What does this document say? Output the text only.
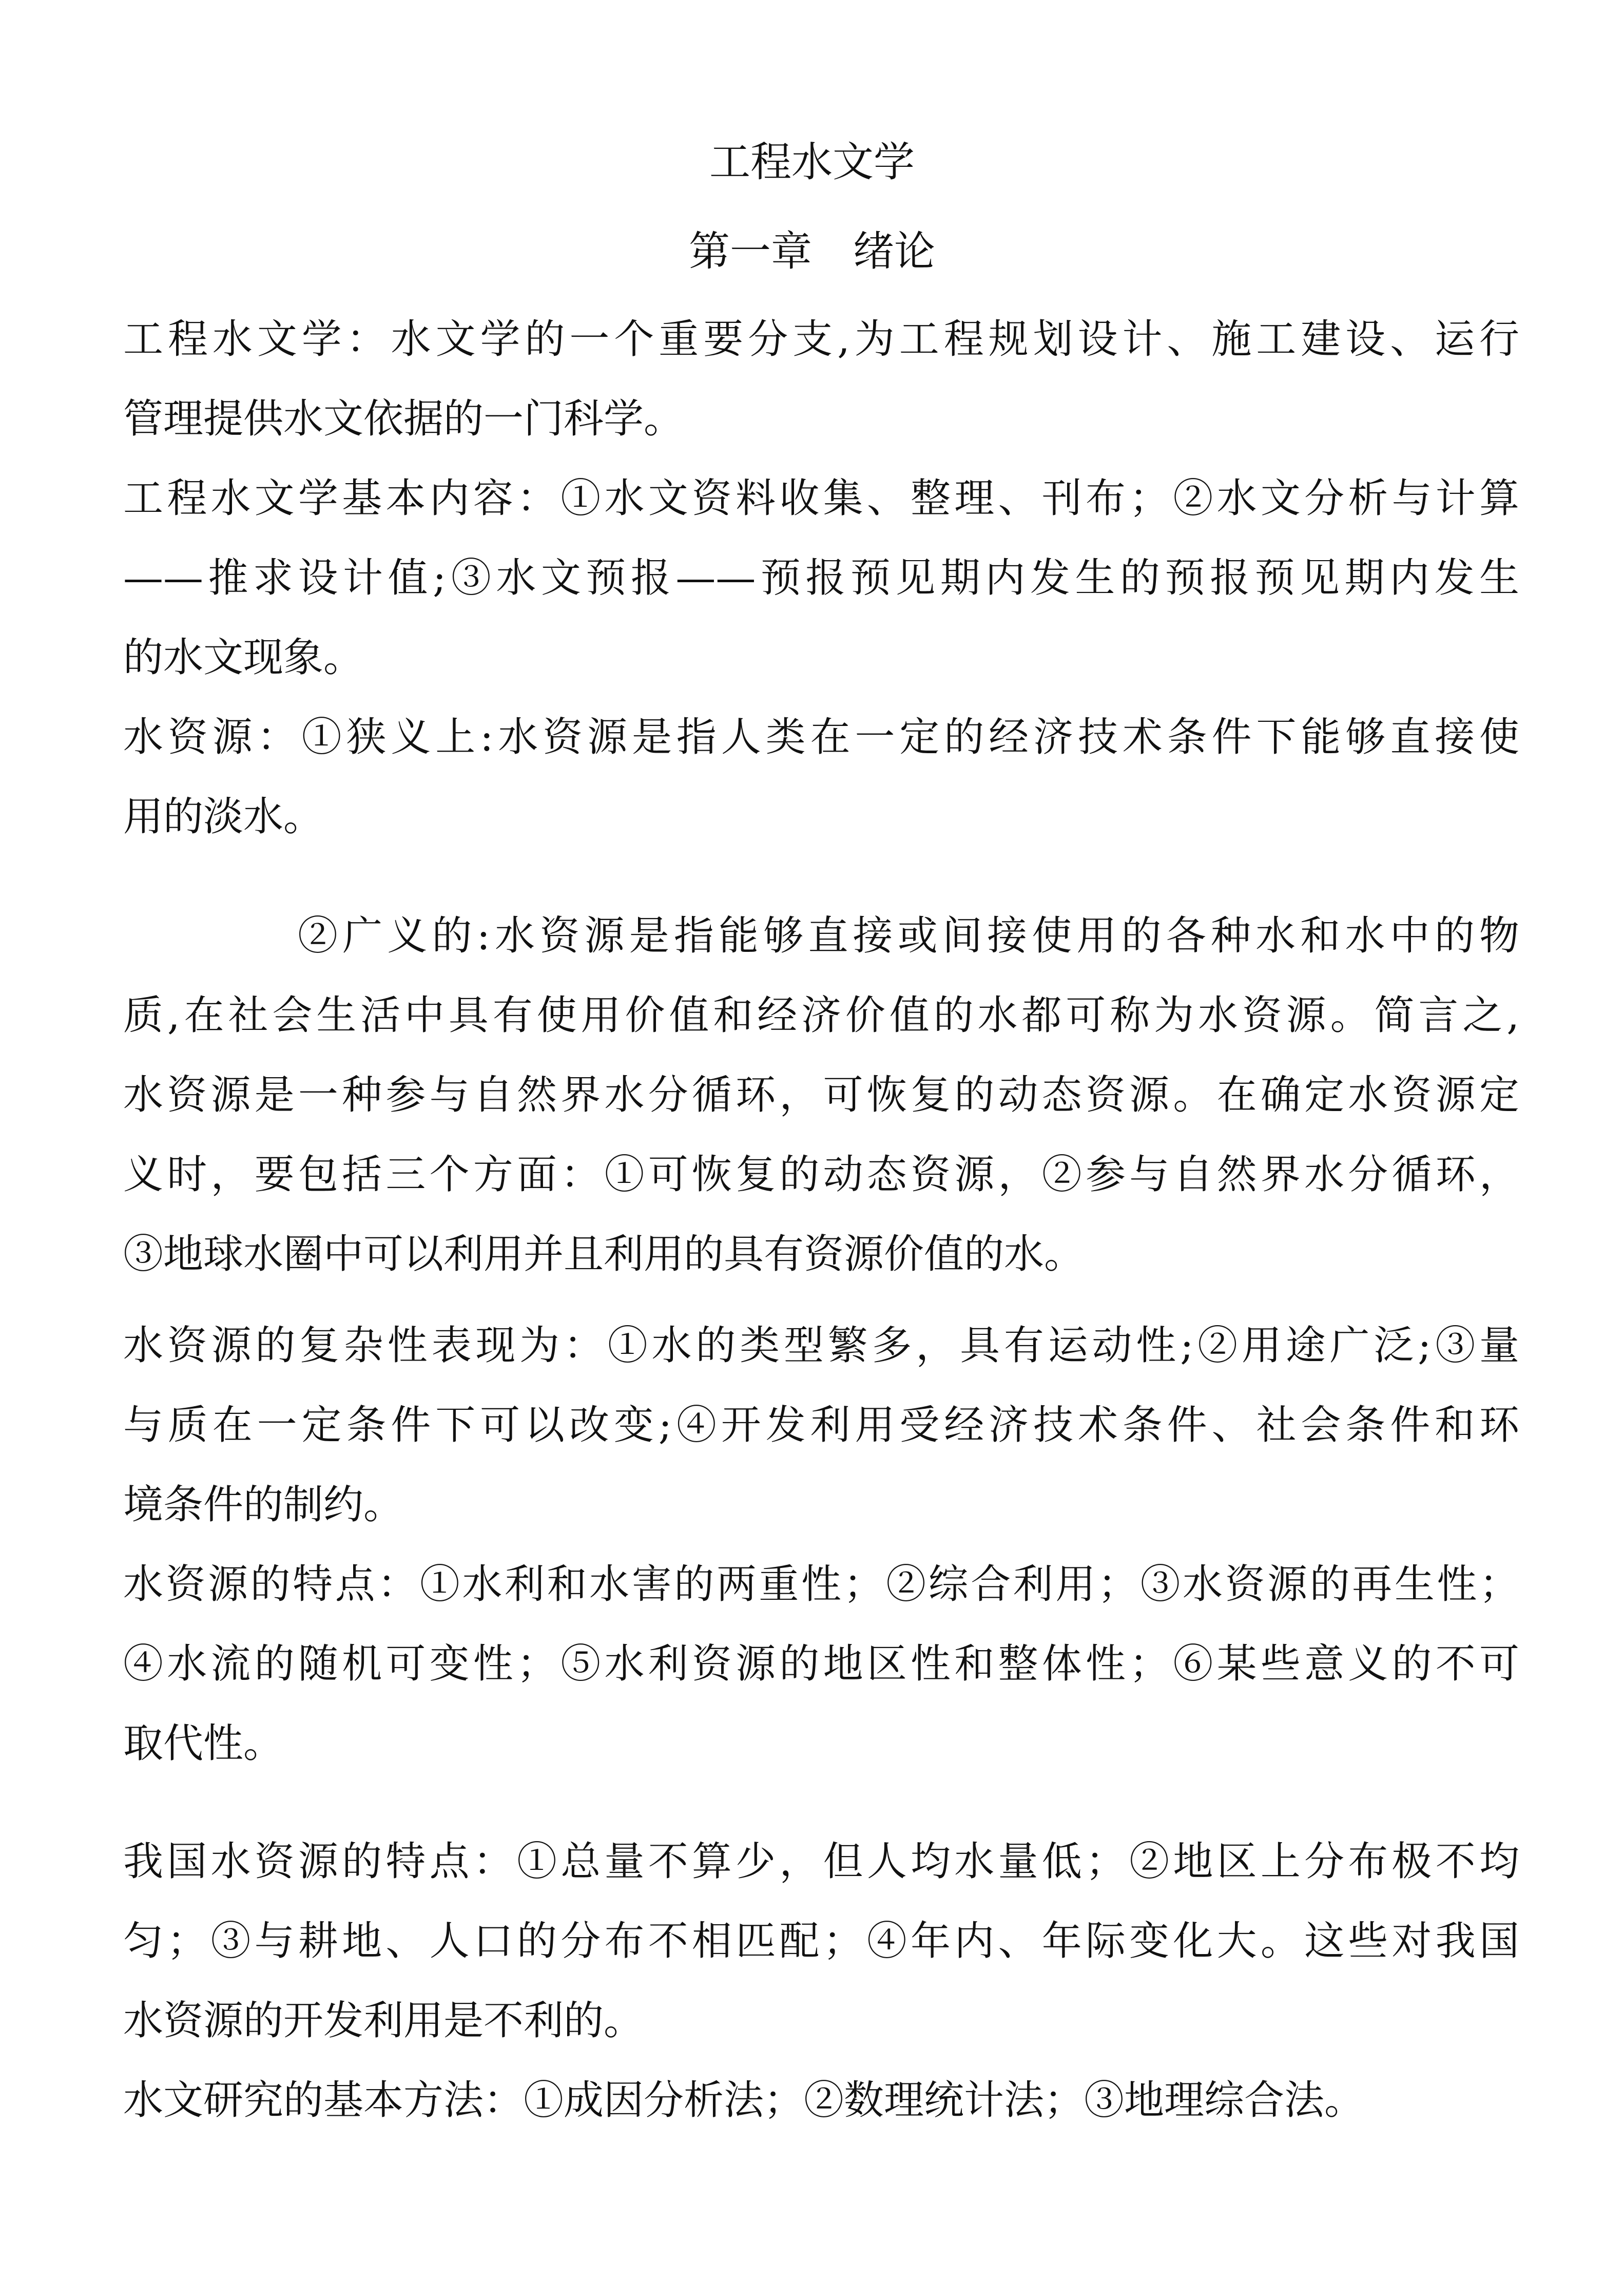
工程水文学
第一章　绪论
工程水文学：水文学的一个重要分支,为工程规划设计、施工建设、运行
管理提供水文依据的一门科学。
工程水文学基本内容：①水文资料收集、整理、刊布；②水文分析与计算
——推求设计值;③水文预报——预报预见期内发生的预报预见期内发生
的水文现象。
水资源：①狭义上:水资源是指人类在一定的经济技术条件下能够直接使
用的淡水。
②广义的:水资源是指能够直接或间接使用的各种水和水中的物
质,在社会生活中具有使用价值和经济价值的水都可称为水资源。简言之,
水资源是一种参与自然界水分循环，可恢复的动态资源。在确定水资源定
义时，要包括三个方面：①可恢复的动态资源，②参与自然界水分循环，
③地球水圈中可以利用并且利用的具有资源价值的水。
水资源的复杂性表现为：①水的类型繁多，具有运动性;②用途广泛;③量
与质在一定条件下可以改变;④开发利用受经济技术条件、社会条件和环
境条件的制约。
水资源的特点：①水利和水害的两重性；②综合利用；③水资源的再生性；
④水流的随机可变性；⑤水利资源的地区性和整体性；⑥某些意义的不可
取代性。
我国水资源的特点：①总量不算少，但人均水量低；②地区上分布极不均
匀；③与耕地、人口的分布不相匹配；④年内、年际变化大。这些对我国
水资源的开发利用是不利的。
水文研究的基本方法：①成因分析法；②数理统计法；③地理综合法。
